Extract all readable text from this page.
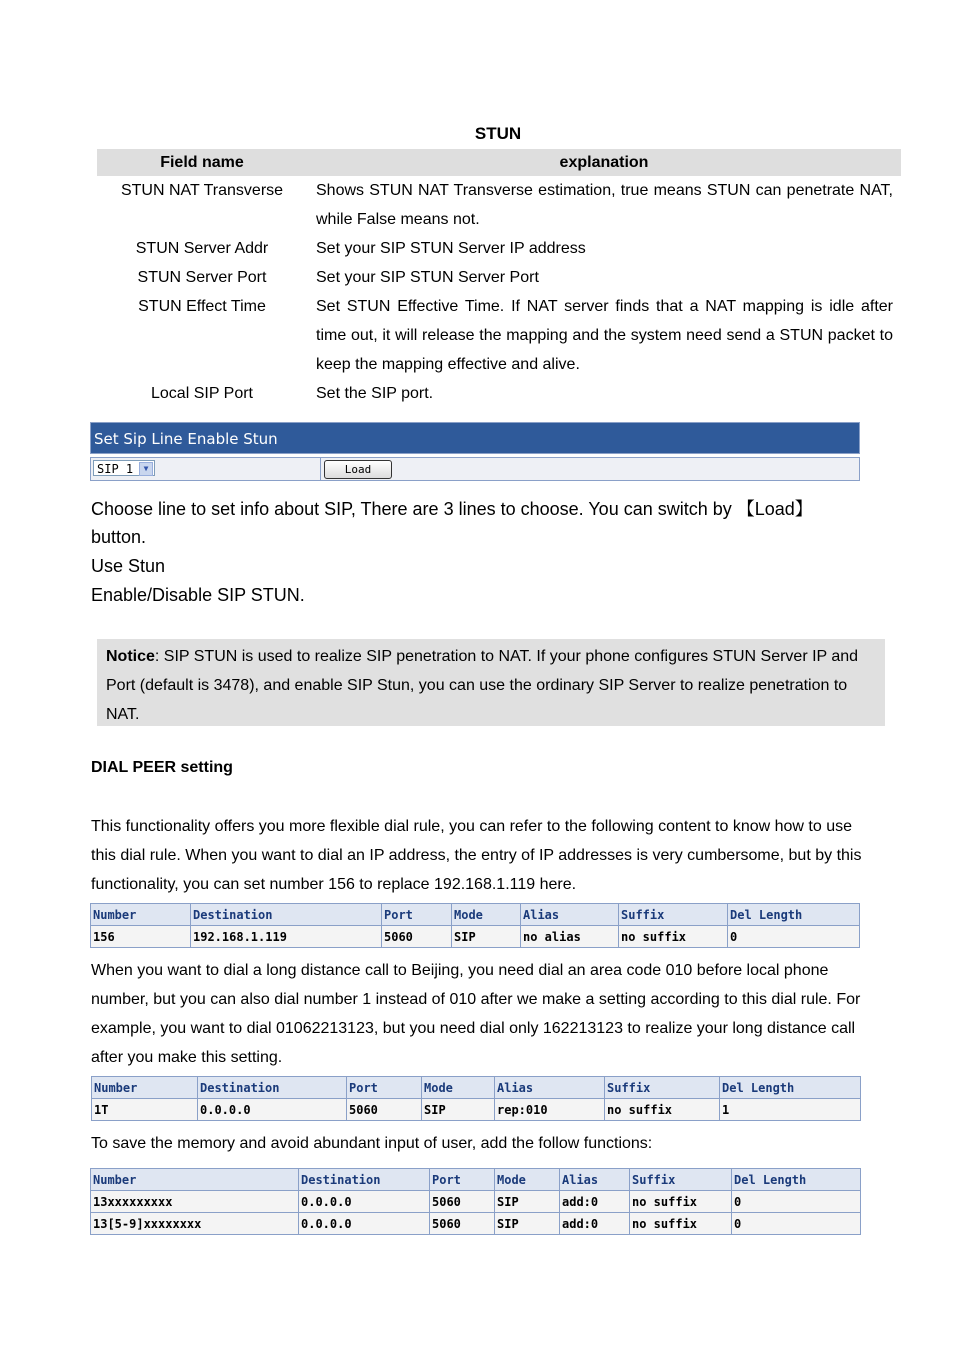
STUN
Field name	explanation
STUN NAT Transverse	Shows STUN NAT Transverse estimation, true means STUN can penetrate NAT, while False means not.
STUN Server Addr	Set your SIP STUN Server IP address
STUN Server Port	Set your SIP STUN Server Port
STUN Effect Time	Set STUN Effective Time. If NAT server finds that a NAT mapping is idle after time out, it will release the mapping and the system need send a STUN packet to keep the mapping effective and alive.
Local SIP Port	Set the SIP port.
Set Sip Line Enable Stun
SIP 1	▼	Load
Choose line to set info about SIP, There are 3 lines to choose. You can switch by 【Load】
button.
Use Stun
Enable/Disable SIP STUN.

Notice: SIP STUN is used to realize SIP penetration to NAT. If your phone configures STUN Server IP and Port (default is 3478), and enable SIP Stun, you can use the ordinary SIP Server to realize penetration to NAT.

DIAL PEER setting
This functionality offers you more flexible dial rule, you can refer to the following content to know how to use this dial rule. When you want to dial an IP address, the entry of IP addresses is very cumbersome, but by this functionality, you can set number 156 to replace 192.168.1.119 here.
Number	Destination	Port	Mode	Alias	Suffix	Del Length
156	192.168.1.119	5060	SIP	no alias	no suffix	0
When you want to dial a long distance call to Beijing, you need dial an area code 010 before local phone number, but you can also dial number 1 instead of 010 after we make a setting according to this dial rule. For example, you want to dial 01062213123, but you need dial only 162213123 to realize your long distance call after you make this setting.
Number	Destination	Port	Mode	Alias	Suffix	Del Length
1T	0.0.0.0	5060	SIP	rep:010	no suffix	1
To save the memory and avoid abundant input of user, add the follow functions:
Number	Destination	Port	Mode	Alias	Suffix	Del Length
13xxxxxxxxx	0.0.0.0	5060	SIP	add:0	no suffix	0
13[5-9]xxxxxxxx	0.0.0.0	5060	SIP	add:0	no suffix	0
